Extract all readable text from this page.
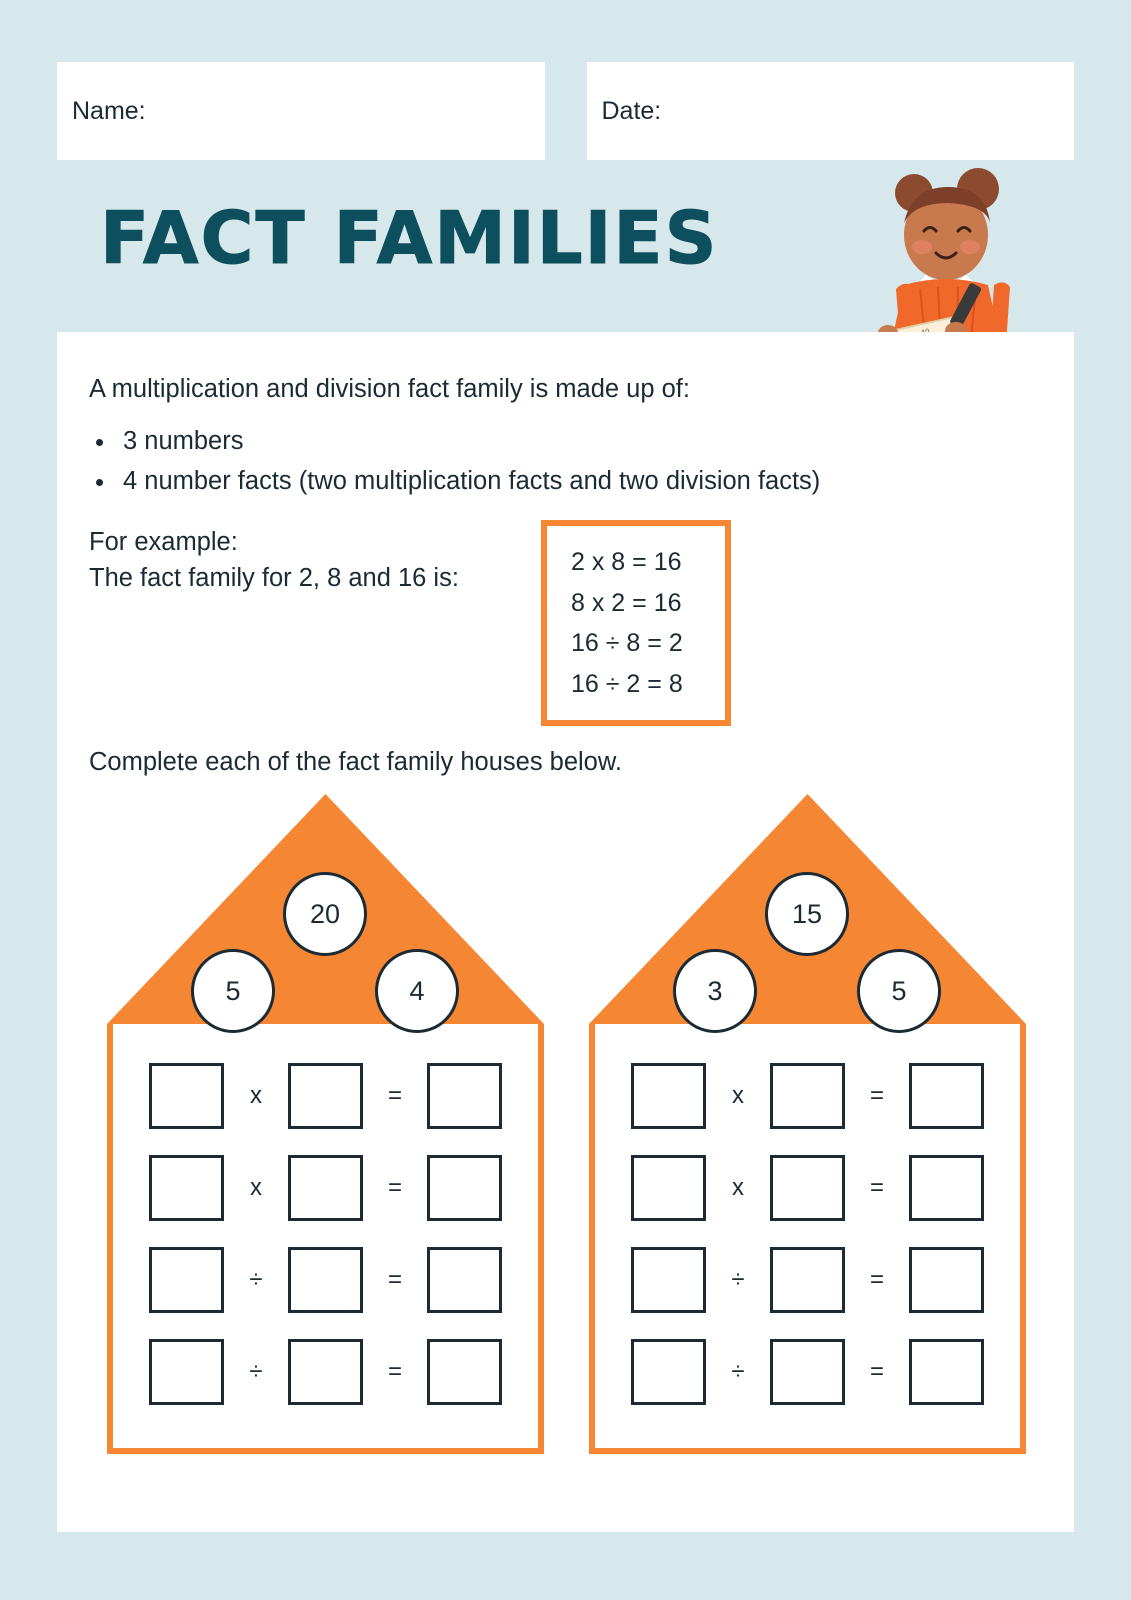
Name:	Date:
FACT FAMILIES
A multiplication and division fact family is made up of:
• 3 numbers
• 4 number facts (two multiplication facts and two division facts)
For example:
The fact family for 2, 8 and 16 is:
2 x 8 = 16
8 x 2 = 16
16 ÷ 8 = 2
16 ÷ 2 = 8
Complete each of the fact family houses below.
20
5	4
x	=
x	=
÷	=
÷	=
15
3	5
x	=
x	=
÷	=
÷	=
